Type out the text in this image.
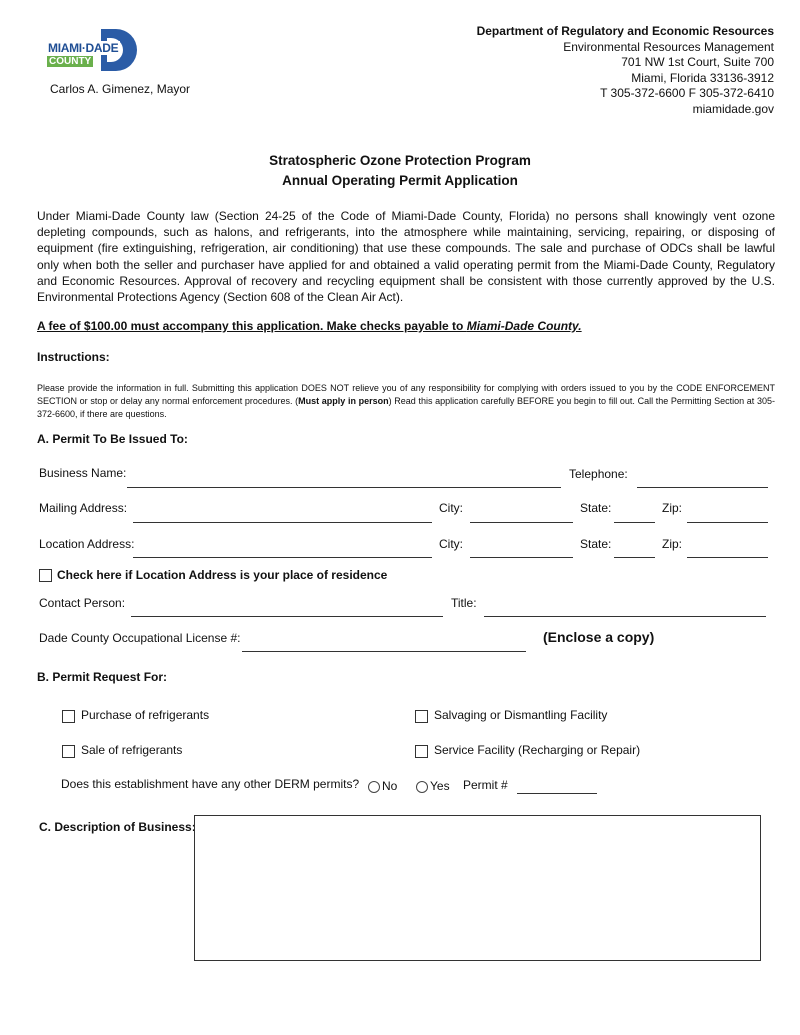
MIAMI·DADE
COUNTY
Carlos A. Gimenez, Mayor
Department of Regulatory and Economic Resources
Environmental Resources Management
701 NW 1st Court, Suite 700
Miami, Florida 33136-3912
T 305-372-6600 F 305-372-6410
miamidade.gov
Stratospheric Ozone Protection Program
Annual Operating Permit Application
Under Miami-Dade County law (Section 24-25 of the Code of Miami-Dade County, Florida) no persons shall knowingly vent ozone depleting compounds, such as halons, and refrigerants, into the atmosphere while maintaining, servicing, repairing, or disposing of equipment (fire extinguishing, refrigeration, air conditioning) that use these compounds. The sale and purchase of ODCs shall be lawful only when both the seller and purchaser have applied for and obtained a valid operating permit from the Miami-Dade County, Regulatory and Economic Resources. Approval of recovery and recycling equipment shall be consistent with those currently approved by the U.S. Environmental Protections Agency (Section 608 of the Clean Air Act).
A fee of $100.00 must accompany this application. Make checks payable to Miami-Dade County.
Instructions:
Please provide the information in full. Submitting this application DOES NOT relieve you of any responsibility for complying with orders issued to you by the CODE ENFORCEMENT SECTION or stop or delay any normal enforcement procedures. (Must apply in person) Read this application carefully BEFORE you begin to fill out. Call the Permitting Section at 305-372-6600, if there are questions.
A. Permit To Be Issued To:
Business Name:	Telephone:
Mailing Address:	City:	State:	Zip:
Location Address:	City:	State:	Zip:
Check here if Location Address is your place of residence
Contact Person:	Title:
Dade County Occupational License #:	(Enclose a copy)
B. Permit Request For:
Purchase of refrigerants	Salvaging or Dismantling Facility
Sale of refrigerants	Service Facility (Recharging or Repair)
Does this establishment have any other DERM permits? No	Yes Permit #
C. Description of Business:
